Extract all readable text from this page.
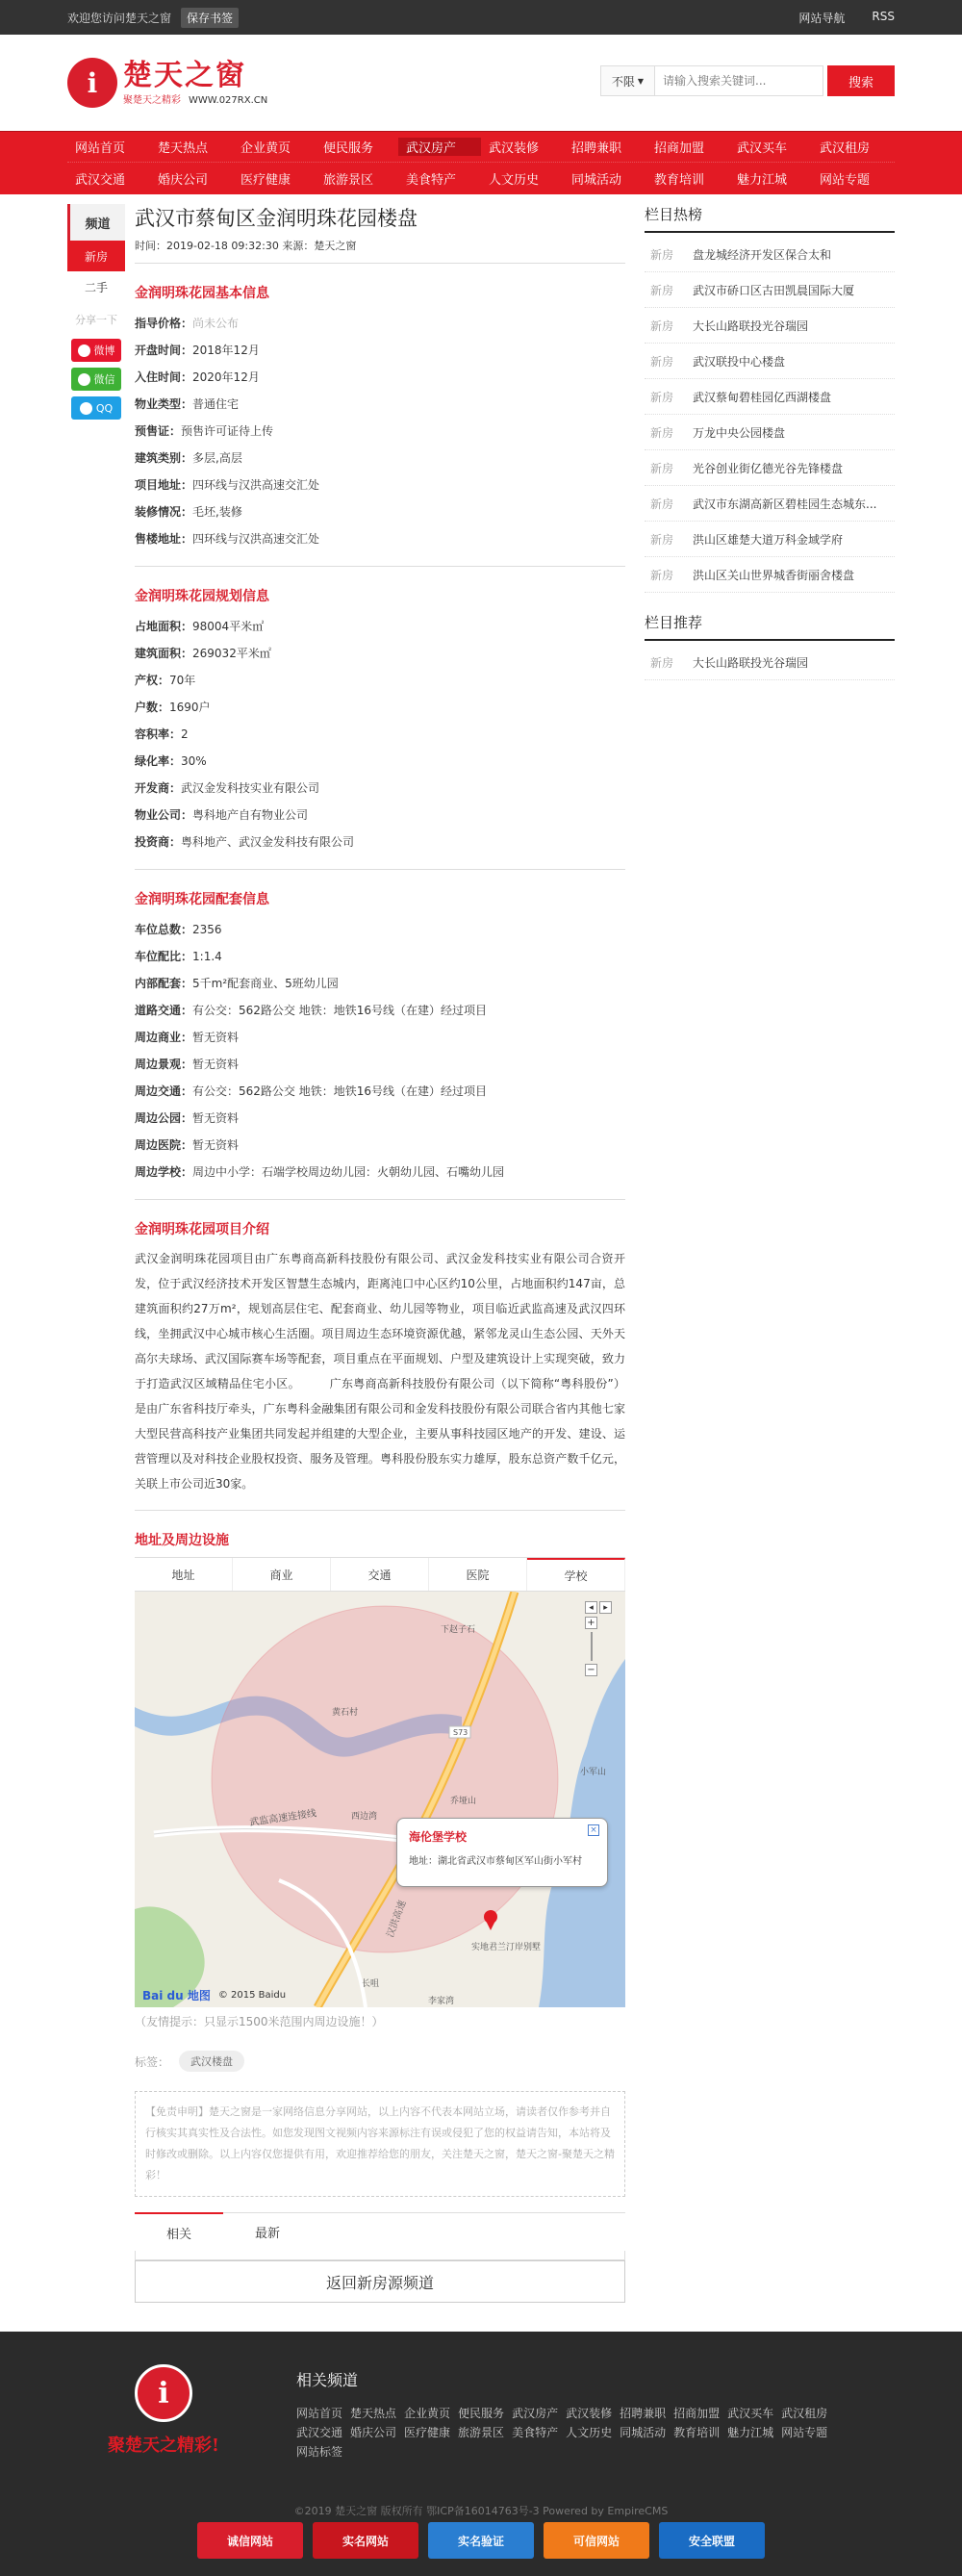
欢迎您访问楚天之窗	保存书签	网站导航 RSS
i 楚天之窗
聚楚天之精彩 WWW.027RX.CN
不限 ▼
请输入搜索关键词...	搜索
网站首页	楚天热点	企业黄页	便民服务	武汉房产	武汉装修	招聘兼职	招商加盟	武汉买车	武汉租房
武汉交通	婚庆公司	医疗健康	旅游景区	美食特产	人文历史	同城活动	教育培训	魅力江城	网站专题
频道
新房
二手
分享一下
微博
微信
QQ
武汉市蔡甸区金润明珠花园楼盘
时间：2019-02-18 09:32:30 来源：楚天之窗
金润明珠花园基本信息
指导价格： 尚未公布
开盘时间： 2018年12月
入住时间： 2020年12月
物业类型： 普通住宅
预售证： 预售许可证待上传
建筑类别： 多层,高层
项目地址： 四环线与汉洪高速交汇处
装修情况： 毛坯,装修
售楼地址： 四环线与汉洪高速交汇处
金润明珠花园规划信息
占地面积： 98004平米㎡
建筑面积： 269032平米㎡
产权： 70年
户数： 1690户
容积率： 2
绿化率： 30%
开发商： 武汉金发科技实业有限公司
物业公司： 粤科地产自有物业公司
投资商： 粤科地产、武汉金发科技有限公司
金润明珠花园配套信息
车位总数： 2356
车位配比： 1:1.4
内部配套： 5千m²配套商业、5班幼儿园
道路交通： 有公交：562路公交 地铁：地铁16号线（在建）经过项目
周边商业： 暂无资料
周边景观： 暂无资料
周边交通： 有公交：562路公交 地铁：地铁16号线（在建）经过项目
周边公园： 暂无资料
周边医院： 暂无资料
周边学校： 周边中小学：石端学校周边幼儿园：火朝幼儿园、石嘴幼儿园
金润明珠花园项目介绍

武汉金润明珠花园项目由广东粤商高新科技股份有限公司、武汉金发科技实业有限公司合资开发，位于武汉经济技术开发区智慧生态城内，距离沌口中心区约10公里，占地面积约147亩，总建筑面积约27万m²，规划高层住宅、配套商业、幼儿园等物业，项目临近武监高速及武汉四环线，坐拥武汉中心城市核心生活圈。项目周边生态环境资源优越，紧邻龙灵山生态公园、天外天高尔夫球场、武汉国际赛车场等配套，项目重点在平面规划、户型及建筑设计上实现突破，致力于打造武汉区域精品住宅小区。　　　广东粤商高新科技股份有限公司（以下简称“粤科股份”）是由广东省科技厅牵头，广东粤科金融集团有限公司和金发科技股份有限公司联合省内其他七家大型民营高科技产业集团共同发起并组建的大型企业，主要从事科技园区地产的开发、建设、运营管理以及对科技企业股权投资、服务及管理。粤科股份股东实力雄厚，股东总资产数千亿元，关联上市公司近30家。

地址及周边设施
地址	商业	交通	医院	学校
下赵子石
黄石村
小军山
武监高速连接线	西边湾
乔垭山
实地君兰汀岸别墅
长咀
李家湾
汉洪高速
S73
◂	▸
+
−
海伦堡学校
地址：湖北省武汉市蔡甸区军山街小军村
×
Bai du 地图 © 2015 Baidu
（友情提示：只显示1500米范围内周边设施！）
标签：	武汉楼盘
【免责申明】楚天之窗是一家网络信息分享网站，以上内容不代表本网站立场，请读者仅作参考并自行核实其真实性及合法性。如您发现图文视频内容来源标注有误或侵犯了您的权益请告知，本站将及时修改或删除。以上内容仅您提供有用，欢迎推荐给您的朋友，关注楚天之窗，楚天之窗-聚楚天之精彩！
相关	最新
返回新房源频道
栏目热榜
新房	盘龙城经济开发区保合太和
新房	武汉市硚口区古田凯晨国际大厦
新房	大长山路联投光谷瑞园
新房	武汉联投中心楼盘
新房	武汉蔡甸碧桂园亿西湖楼盘
新房	万龙中央公园楼盘
新房	光谷创业街亿德光谷先锋楼盘
新房	武汉市东湖高新区碧桂园生态城东...
新房	洪山区雄楚大道万科金域学府
新房	洪山区关山世界城香街丽舍楼盘
栏目推荐
新房	大长山路联投光谷瑞园
i
聚楚天之精彩!
相关频道
网站首页 楚天热点 企业黄页 便民服务 武汉房产 武汉装修 招聘兼职 招商加盟 武汉买车 武汉租房
武汉交通 婚庆公司 医疗健康 旅游景区 美食特产 人文历史 同城活动 教育培训 魅力江城 网站专题
网站标签
©2019 楚天之窗 版权所有 鄂ICP备16014763号-3 Powered by EmpireCMS
诚信网站	实名网站	实名验证	可信网站	安全联盟
